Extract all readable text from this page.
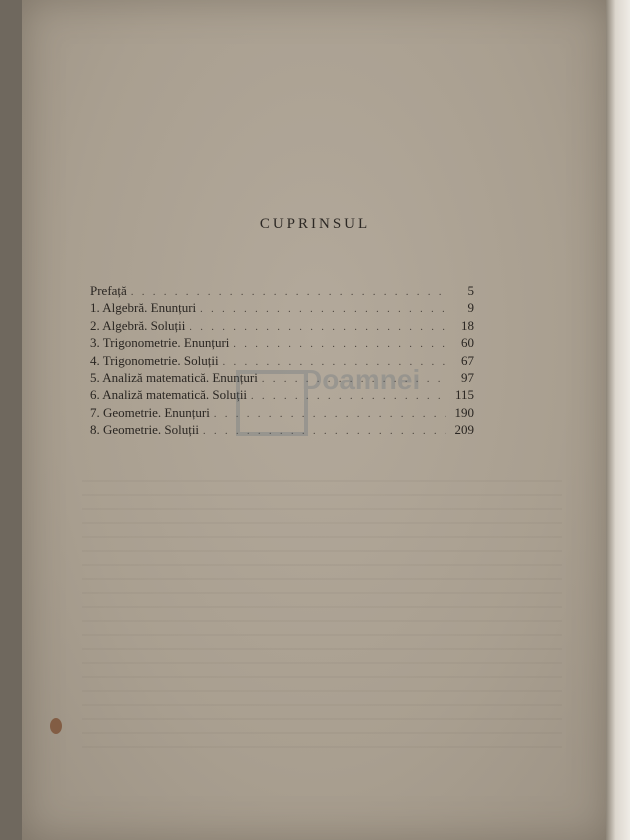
CUPRINSUL
Prefață . . .	5
1. Algebră. Enunțuri . . .	9
2. Algebră. Soluții . . .	18
3. Trigonometrie. Enunțuri . . .	60
4. Trigonometrie. Soluții . . .	67
5. Analiză matematică. Enunțuri . . .	97
6. Analiză matematică. Soluții . . .	115
7. Geometrie. Enunțuri . . .	190
8. Geometrie. Soluții . . .	209
Doamnei
